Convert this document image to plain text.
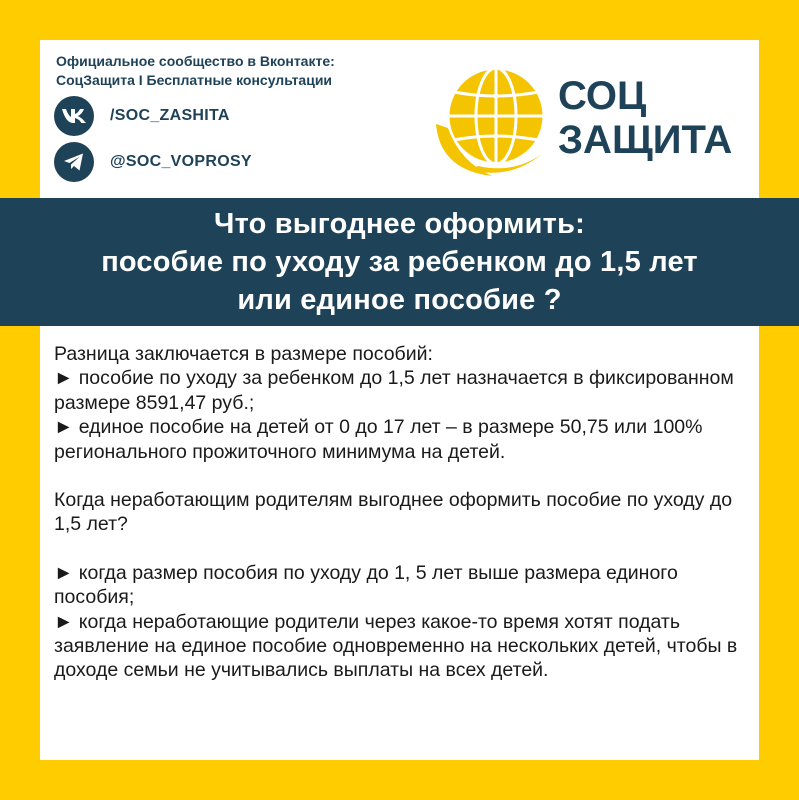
Официальное сообщество в Вконтакте:
СоцЗащита I Бесплатные консультации
/SOC_ZASHITA
@SOC_VOPROSY
СОЦ
ЗАЩИТА
Что выгоднее оформить:
пособие по уходу за ребенком до 1,5 лет
или единое пособие ?

Разница заключается в размере пособий:

► пособие по уходу за ребенком до 1,5 лет назначается в фиксированном размере 8591,47 руб.;

► единое пособие на детей от 0 до 17 лет – в размере 50,75 или 100% регионального прожиточного минимума на детей.

Когда неработающим родителям выгоднее оформить пособие по уходу до 1,5 лет?

► когда размер пособия по уходу до 1, 5 лет выше размера единого пособия;

► когда неработающие родители через какое-то время хотят подать заявление на единое пособие одновременно на нескольких детей, чтобы в доходе семьи не учитывались выплаты на всех детей.
